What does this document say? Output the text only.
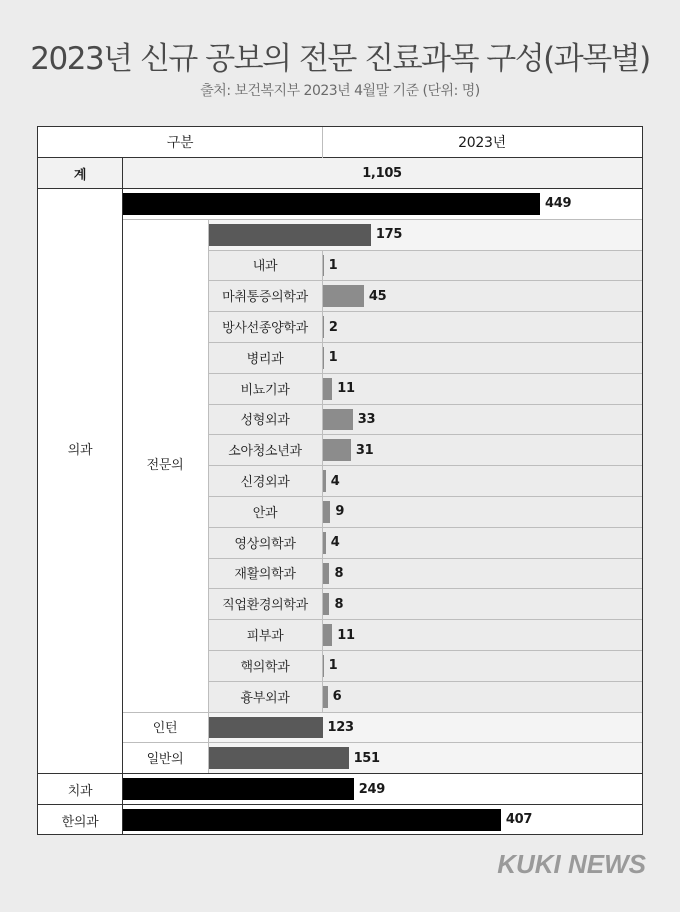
2023년 신규 공보의 전문 진료과목 구성(과목별)
출처: 보건복지부 2023년 4월말 기준 (단위: 명)
구분	2023년
계	1,105
의과
전문의
치과
한의과
449
175
1
내과
45
마취통증의학과
2
방사선종양학과
1
병리과
11
비뇨기과
33
성형외과
31
소아청소년과
4
신경외과
9
안과
4
영상의학과
8
재활의학과
8
직업환경의학과
11
피부과
1
핵의학과
6
흉부외과
123
인턴
151
일반의
249
407
KUKI NEWS
